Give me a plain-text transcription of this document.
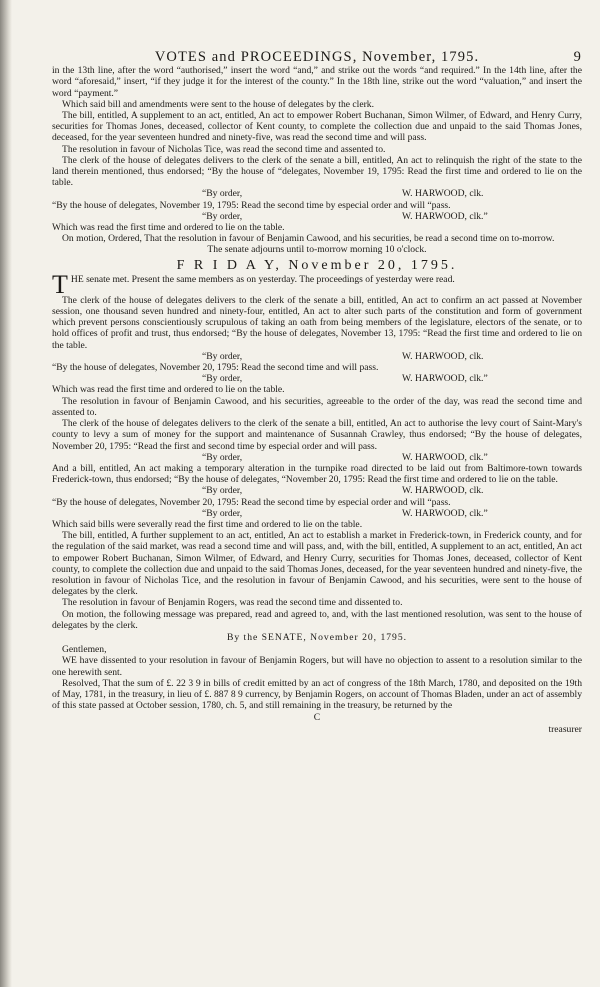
VOTES and PROCEEDINGS, November, 1795.	9

in the 13th line, after the word “authorised,” insert the word “and,” and strike out the words “and required.” In the 14th line, after the word “aforesaid,” insert, “if they judge it for the interest of the county.” In the 18th line, strike out the word “valuation,” and insert the word “payment.”

Which said bill and amendments were sent to the house of delegates by the clerk.

The bill, entitled, A supplement to an act, entitled, An act to empower Robert Buchanan, Simon Wilmer, of Edward, and Henry Curry, securities for Thomas Jones, deceased, collector of Kent county, to complete the collection due and unpaid to the said Thomas Jones, deceased, for the year seventeen hundred and ninety-five, was read the second time and will pass.

The resolution in favour of Nicholas Tice, was read the second time and assented to.

The clerk of the house of delegates delivers to the clerk of the senate a bill, entitled, An act to relinquish the right of the state to the land therein mentioned, thus endorsed; “By the house of “delegates, November 19, 1795: Read the first time and ordered to lie on the table.

“By order,	W. HARWOOD, clk.

“By the house of delegates, November 19, 1795: Read the second time by especial order and will “pass.

“By order,	W. HARWOOD, clk.”

Which was read the first time and ordered to lie on the table.

On motion, Ordered, That the resolution in favour of Benjamin Cawood, and his securities, be read a second time on to-morrow.

The senate adjourns until to-morrow morning 10 o'clock.

F R I D A Y, November 20, 1795.

THE senate met. Present the same members as on yesterday. The proceedings of yesterday were read.

The clerk of the house of delegates delivers to the clerk of the senate a bill, entitled, An act to confirm an act passed at November session, one thousand seven hundred and ninety-four, entitled, An act to alter such parts of the constitution and form of government which prevent persons conscientiously scrupulous of taking an oath from being members of the legislature, electors of the senate, or to hold offices of profit and trust, thus endorsed; “By the house of delegates, November 13, 1795: “Read the first time and ordered to lie on the table.

“By order,	W. HARWOOD, clk.

“By the house of delegates, November 20, 1795: Read the second time and will pass.

“By order,	W. HARWOOD, clk.”

Which was read the first time and ordered to lie on the table.

The resolution in favour of Benjamin Cawood, and his securities, agreeable to the order of the day, was read the second time and assented to.

The clerk of the house of delegates delivers to the clerk of the senate a bill, entitled, An act to authorise the levy court of Saint-Mary's county to levy a sum of money for the support and maintenance of Susannah Crawley, thus endorsed; “By the house of delegates, November 20, 1795: “Read the first and second time by especial order and will pass.

“By order,	W. HARWOOD, clk.”

And a bill, entitled, An act making a temporary alteration in the turnpike road directed to be laid out from Baltimore-town towards Frederick-town, thus endorsed; “By the house of delegates, “November 20, 1795: Read the first time and ordered to lie on the table.

“By order,	W. HARWOOD, clk.

“By the house of delegates, November 20, 1795: Read the second time by especial order and will “pass.

“By order,	W. HARWOOD, clk.”

Which said bills were severally read the first time and ordered to lie on the table.

The bill, entitled, A further supplement to an act, entitled, An act to establish a market in Frederick-town, in Frederick county, and for the regulation of the said market, was read a second time and will pass, and, with the bill, entitled, A supplement to an act, entitled, An act to empower Robert Buchanan, Simon Wilmer, of Edward, and Henry Curry, securities for Thomas Jones, deceased, collector of Kent county, to complete the collection due and unpaid to the said Thomas Jones, deceased, for the year seventeen hundred and ninety-five, the resolution in favour of Nicholas Tice, and the resolution in favour of Benjamin Cawood, and his securities, were sent to the house of delegates by the clerk.

The resolution in favour of Benjamin Rogers, was read the second time and dissented to.

On motion, the following message was prepared, read and agreed to, and, with the last mentioned resolution, was sent to the house of delegates by the clerk.

By the SENATE, November 20, 1795.

Gentlemen,

WE have dissented to your resolution in favour of Benjamin Rogers, but will have no objection to assent to a resolution similar to the one herewith sent.

Resolved, That the sum of £. 22 3 9 in bills of credit emitted by an act of congress of the 18th March, 1780, and deposited on the 19th of May, 1781, in the treasury, in lieu of £. 887 8 9 currency, by Benjamin Rogers, on account of Thomas Bladen, under an act of assembly of this state passed at October session, 1780, ch. 5, and still remaining in the treasury, be returned by the

C
treasurer
